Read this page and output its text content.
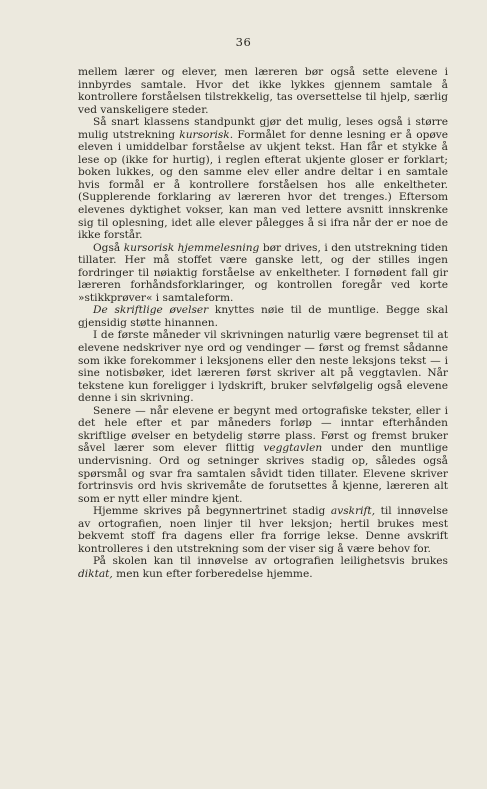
36

mellem lærer og elever, men læreren bør også sette elevene i innbyrdes samtale. Hvor det ikke lykkes gjennem samtale å kontrollere forståelsen tilstrekkelig, tas oversettelse til hjelp, særlig ved vanskeligere steder.

Så snart klassens standpunkt gjør det mulig, leses også i større mulig utstrekning kursorisk. Formålet for denne lesning er å opøve eleven i umiddelbar forståelse av ukjent tekst. Han får et stykke å lese op (ikke for hurtig), i reglen efterat ukjente gloser er forklart; boken lukkes, og den samme elev eller andre deltar i en samtale hvis formål er å kontrollere forståelsen hos alle enkeltheter. (Supplerende forklaring av læreren hvor det trenges.) Eftersom elevenes dyktighet vokser, kan man ved lettere avsnitt innskrenke sig til oplesning, idet alle elever pålegges å si ifra når der er noe de ikke forstår.

Også kursorisk hjemmelesning bør drives, i den utstrekning tiden tillater. Her må stoffet være ganske lett, og der stilles ingen fordringer til nøiaktig forståelse av enkeltheter. I fornødent fall gir læreren forhåndsforklaringer, og kontrollen foregår ved korte »stikkprøver« i samtaleform.

De skriftlige øvelser knyttes nøie til de muntlige. Begge skal gjensidig støtte hinannen.

I de første måneder vil skrivningen naturlig være begrenset til at elevene nedskriver nye ord og vendinger — først og fremst sådanne som ikke forekommer i leksjonens eller den neste leksjons tekst — i sine notisbøker, idet læreren først skriver alt på veggtavlen. Når tekstene kun foreligger i lydskrift, bruker selvfølgelig også elevene denne i sin skrivning.

Senere — når elevene er begynt med ortografiske tekster, eller i det hele efter et par måneders forløp — inntar efterhånden skriftlige øvelser en betydelig større plass. Først og fremst bruker såvel lærer som elever flittig veggtavlen under den muntlige undervisning. Ord og setninger skrives stadig op, således også spørsmål og svar fra samtalen såvidt tiden tillater. Elevene skriver fortrinsvis ord hvis skrivemåte de forutsettes å kjenne, læreren alt som er nytt eller mindre kjent.

Hjemme skrives på begynnertrinet stadig avskrift, til innøvelse av ortografien, noen linjer til hver leksjon; hertil brukes mest bekvemt stoff fra dagens eller fra forrige lekse. Denne avskrift kontrolleres i den utstrekning som der viser sig å være behov for.

På skolen kan til innøvelse av ortografien leilighetsvis brukes diktat, men kun efter forberedelse hjemme.
